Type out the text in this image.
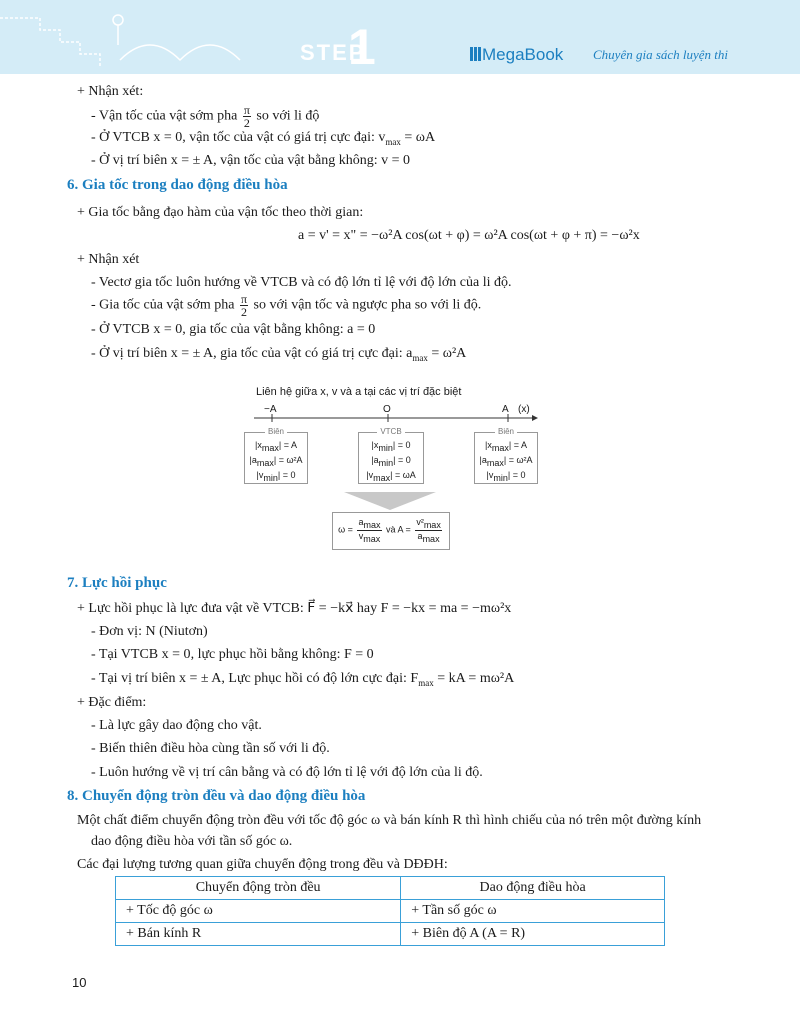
STEP
1	MegaBook Chuyên gia sách luyện thi
+ Nhận xét:
- Vận tốc của vật sớm pha $\frac{\pi}{2}$ so với li độ
- Ở VTCB x = 0, vận tốc của vật có giá trị cực đại: $v_{max} = \omega A$
- Ở vị trí biên x = ± A, vận tốc của vật bằng không: v = 0
6. Gia tốc trong dao động điều hòa
+ Gia tốc bằng đạo hàm của vận tốc theo thời gian:
a = v' = x" = −ω²A cos(ωt + φ) = ω²A cos(ωt + φ + π) = −ω²x
+ Nhận xét
- Vectơ gia tốc luôn hướng về VTCB và có độ lớn tỉ lệ với độ lớn của li độ.
- Gia tốc của vật sớm pha $\frac{\pi}{2}$ so với vận tốc và ngược pha so với li độ.
- Ở VTCB x = 0, gia tốc của vật bằng không: a = 0
- Ở vị trí biên x = ± A, gia tốc của vật có giá trị cực đại: $a_{max} = \omega^2A$
Liên hệ giữa x, v và a tại các vị trí đặc biệt
−A	O	A (x)
Biên
$|x_{max}| = A$
$|a_{max}| = \omega^2A$
$|v_{min}| = 0$
VTCB
$|x_{min}| = 0$
$|a_{min}| = 0$
$|v_{max}| = \omega A$
Biên
$|x_{max}| = A$
$|a_{max}| = \omega^2A$
$|v_{min}| = 0$
$\omega = \frac{a_{max}}{v_{max}}$ và $A = \frac{v^2_{max}}{a_{max}}$
7. Lực hồi phục
+ Lực hồi phục là lực đưa vật về VTCB: F⃗ = −kx⃗ hay F = −kx = ma = −mω²x
- Đơn vị: N (Niutơn)
- Tại VTCB x = 0, lực phục hồi bằng không: F = 0
- Tại vị trí biên x = ± A, Lực phục hồi có độ lớn cực đại: $F_{max}$ = kA = mω²A
+ Đặc điểm:
- Là lực gây dao động cho vật.
- Biến thiên điều hòa cùng tần số với li độ.
- Luôn hướng về vị trí cân bằng và có độ lớn tỉ lệ với độ lớn của li độ.
8. Chuyển động tròn đều và dao động điều hòa
Một chất điểm chuyển động tròn đều với tốc độ góc ω và bán kính R thì hình chiếu của nó trên một đường kính
dao động điều hòa với tần số góc ω.
Các đại lượng tương quan giữa chuyển động trong đều và DĐĐH:
Chuyển động tròn đều	Dao động điều hòa
+ Tốc độ góc ω	+ Tần số góc ω
+ Bán kính R	+ Biên độ A (A = R)
10
